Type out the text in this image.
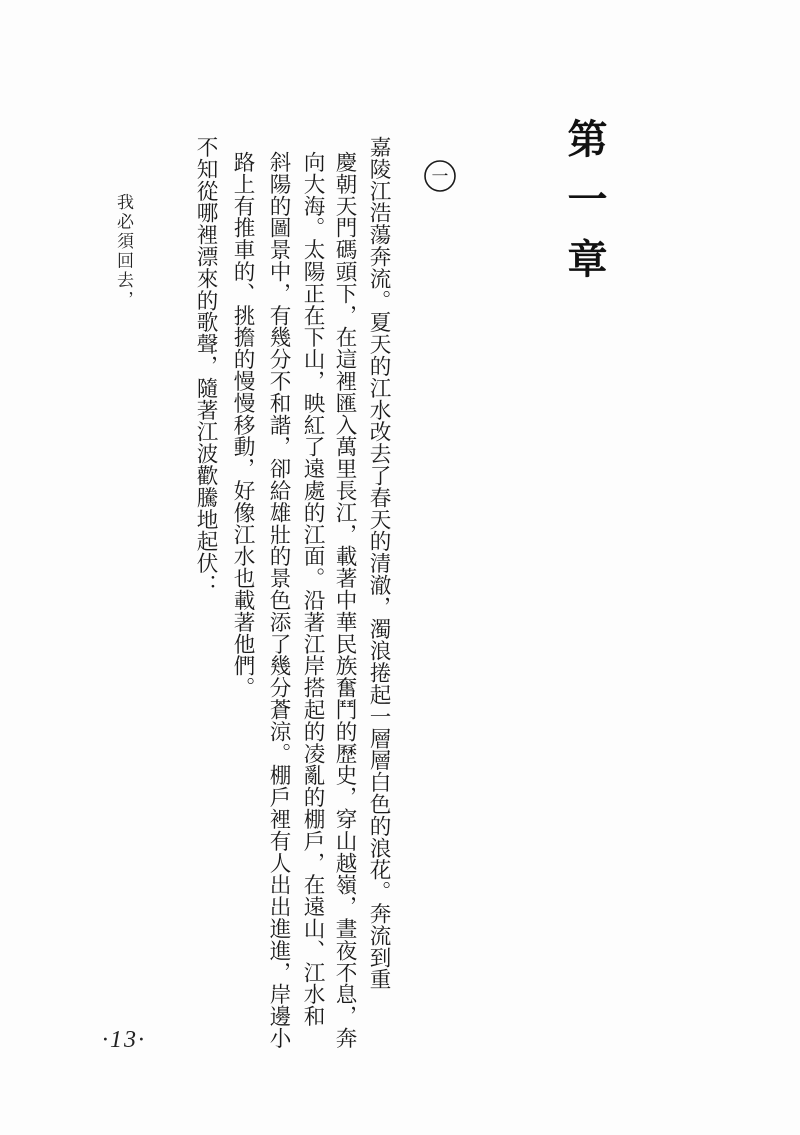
第一章
一

嘉陵江浩蕩奔流。夏天的江水改去了春天的清澈，濁浪捲起一層層白色的浪花。奔流到重

慶朝天門碼頭下，在這裡匯入萬里長江，載著中華民族奮鬥的歷史，穿山越嶺，晝夜不息，奔

向大海。太陽正在下山，映紅了遠處的江面。沿著江岸搭起的凌亂的棚戶，在遠山、江水和

斜陽的圖景中，有幾分不和諧，卻給雄壯的景色添了幾分蒼涼。棚戶裡有人出出進進，岸邊小

路上有推車的、挑擔的慢慢移動，好像江水也載著他們。

不知從哪裡漂來的歌聲，隨著江波歡騰地起伏：

我必須回去，

·13·
